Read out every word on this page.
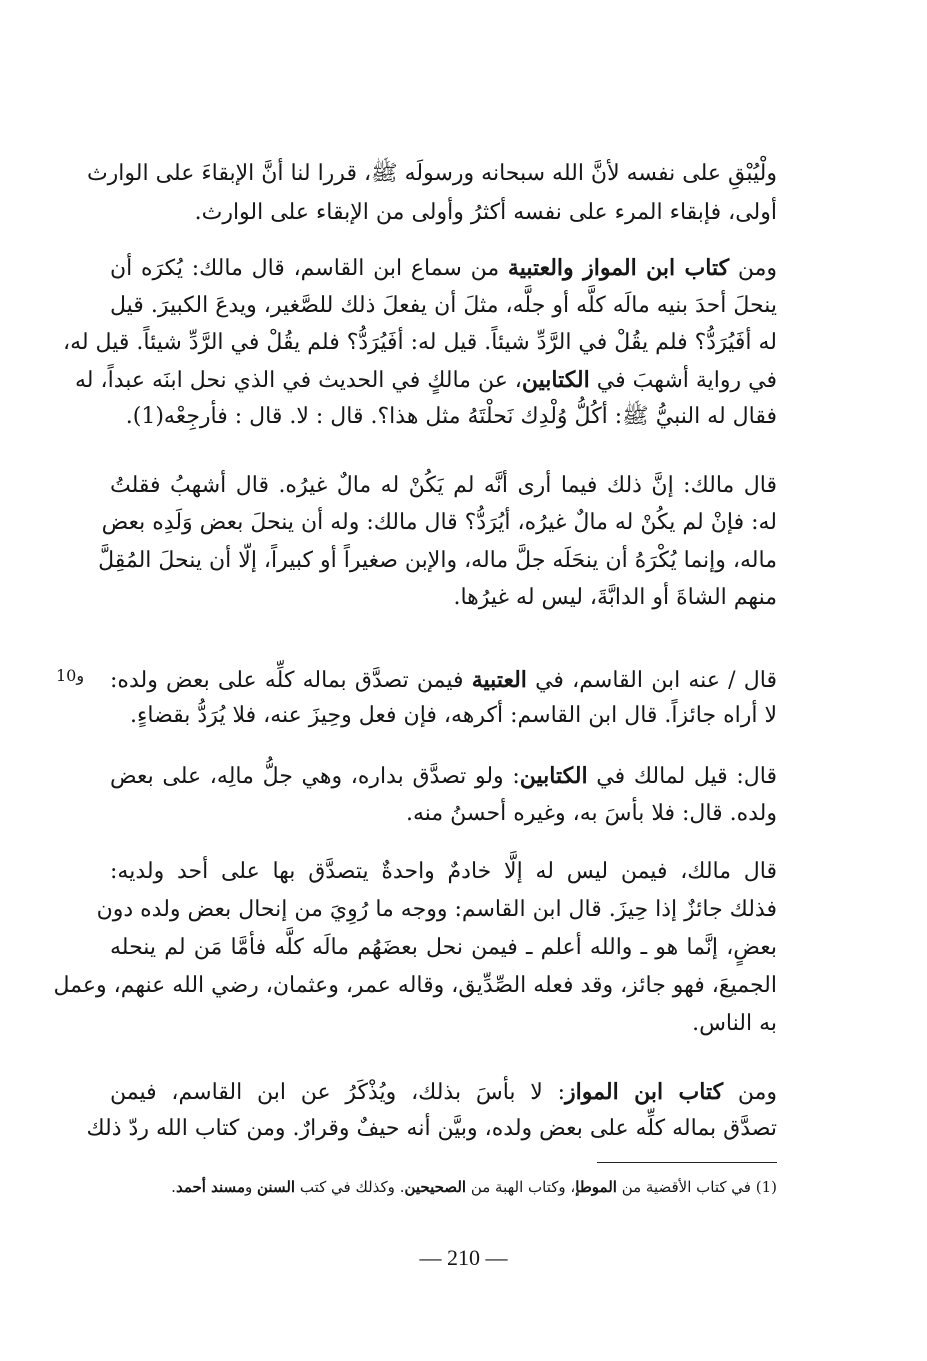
ولْيُبْقِ على نفسه لأنَّ الله سبحانه ورسولَه ﷺ، قررا لنا أنَّ الإبقاءَ على الوارث
أولى، فإبقاء المرء على نفسه أكثرُ وأولى من الإبقاء على الوارث.
ومن كتاب ابن المواز والعتبية من سماع ابن القاسم، قال مالك: يُكرَه أن
ينحلَ أحدَ بنيه مالَه كلَّه أو جلَّه، مثلَ أن يفعلَ ذلك للصَّغير، ويدعَ الكبيرَ. قيل
له أفَيُرَدُّ؟ فلم يقُلْ في الرَّدِّ شيئاً. قيل له: أفَيُرَدُّ؟ فلم يقُلْ في الرَّدِّ شيئاً. قيل له،
في رواية أشهبَ في الكتابين، عن مالكٍ في الحديث في الذي نحل ابنَه عبداً، له
فقال له النبيُّ ﷺ: أكُلُّ وُلْدِك نَحلْتَهُ مثل هذا؟. قال : لا. قال : فأرجِعْه(1).
قال مالك: إنَّ ذلك فيما أرى أنَّه لم يَكُنْ له مالٌ غيرُه. قال أشهبُ فقلتُ
له: فإنْ لم يكُنْ له مالٌ غيرُه، أيُرَدُّ؟ قال مالك: وله أن ينحلَ بعض وَلَدِه بعض
ماله، وإنما يُكْرَهُ أن ينحَلَه جلَّ ماله، والإبن صغيراً أو كبيراً، إلّا أن ينحلَ المُقِلَّ
منهم الشاةَ أو الدابَّةَ، ليس له غيرُها.
قال / عنه ابن القاسم، في العتبية فيمن تصدَّق بماله كلِّه على بعض ولده:
لا أراه جائزاً. قال ابن القاسم: أكرهه، فإن فعل وحِيزَ عنه، فلا يُرَدُّ بقضاءٍ.
قال: قيل لمالك في الكتابين: ولو تصدَّق بداره، وهي جلُّ مالِه، على بعض
ولده. قال: فلا بأسَ به، وغيره أحسنُ منه.
قال مالك، فيمن ليس له إلَّا خادمٌ واحدةٌ يتصدَّق بها على أحد ولديه:
فذلك جائزٌ إذا حِيزَ. قال ابن القاسم: ووجه ما رُوِيَ من إنحال بعض ولده دون
بعضٍ، إنَّما هو ـ والله أعلم ـ فيمن نحل بعضَهُم مالَه كلَّه فأمَّا مَن لم ينحله
الجميعَ، فهو جائز، وقد فعله الصِّدِّيق، وقاله عمر، وعثمان، رضي الله عنهم، وعمل
به الناس.
ومن كتاب ابن المواز: لا بأسَ بذلك، ويُذْكَرُ عن ابن القاسم، فيمن
تصدَّق بماله كلِّه على بعض ولده، وبيَّن أنه حيفٌ وقرارٌ. ومن كتاب الله ردّ ذلك
و10
(1) في كتاب الأقضية من الموطإ، وكتاب الهبة من الصحيحين. وكذلك في كتب السنن ومسند أحمد.
— 210 —
